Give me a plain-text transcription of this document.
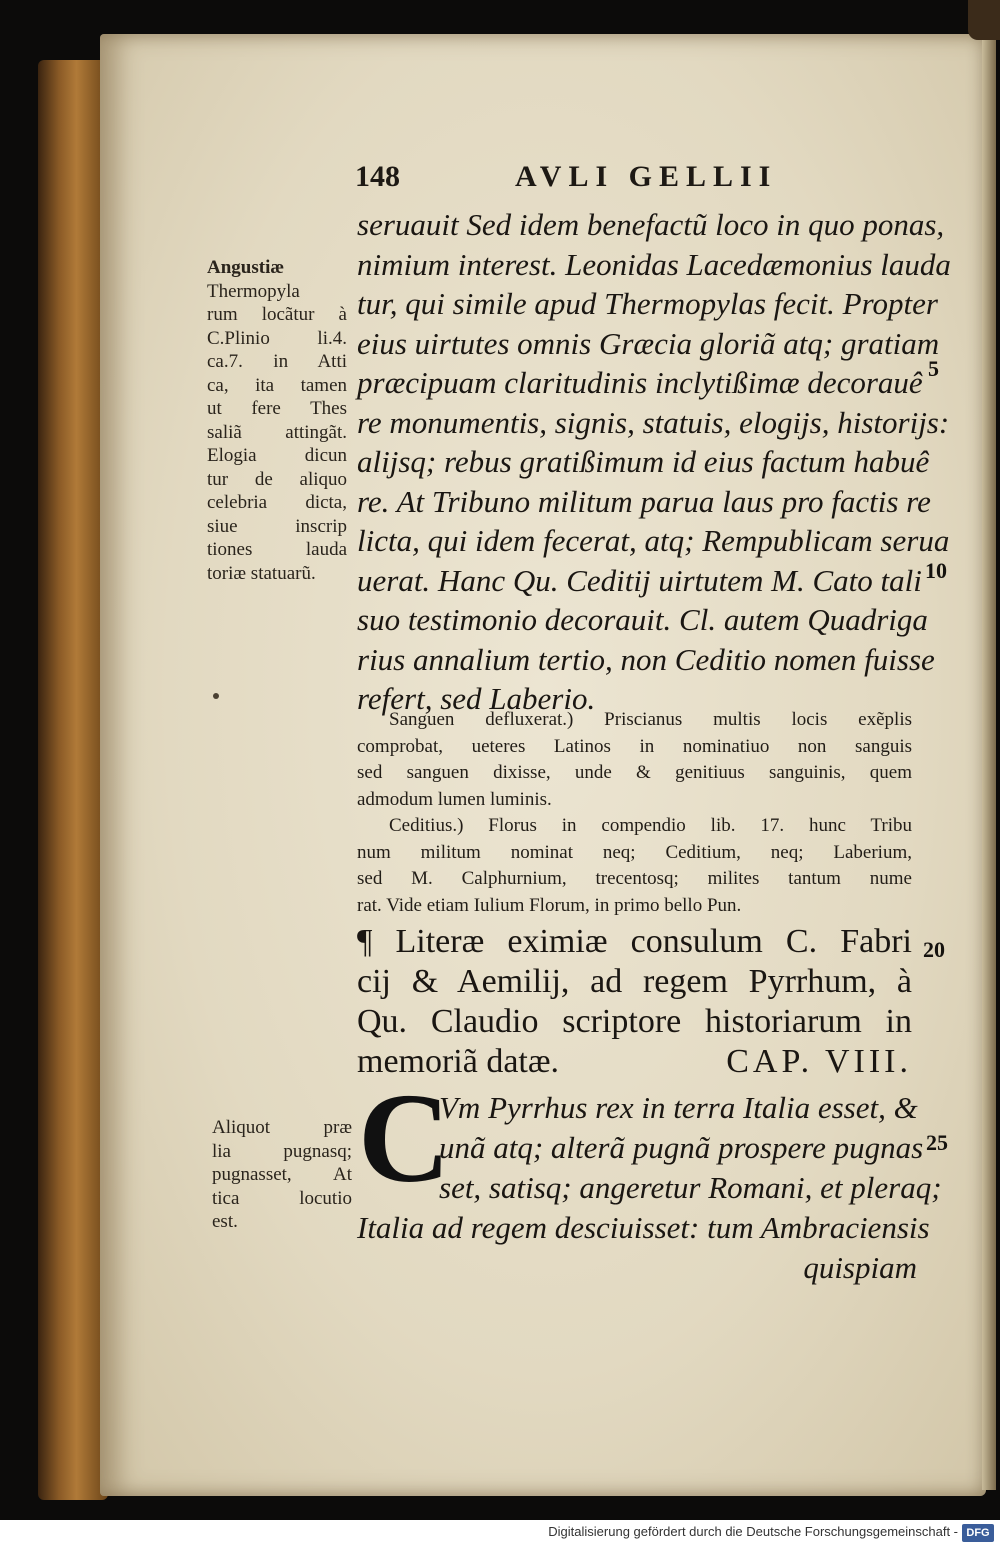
148	AVLI GELLII
seruauit Sed idem benefactũ loco in quo ponas,
nimium interest. Leonidas Lacedæmonius lauda
tur, qui simile apud Thermopylas fecit. Propter
eius uirtutes omnis Græcia gloriã atq; gratiam
præcipuam claritudinis inclytißimæ decorauê
re monumentis, signis, statuis, elogijs, historijs:
alijsq; rebus gratißimum id eius factum habuê
re. At Tribuno militum parua laus pro factis re
licta, qui idem fecerat, atq; Rempublicam serua
uerat. Hanc Qu. Ceditij uirtutem M. Cato tali
suo testimonio decorauit. Cl. autem Quadriga
rius annalium tertio, non Ceditio nomen fuisse
refert, sed Laberio.
Sanguen defluxerat.) Priscianus multis locis exẽplis
comprobat, ueteres Latinos in nominatiuo non sanguis
sed sanguen dixisse, unde & genitiuus sanguinis, quem
admodum lumen luminis.
Ceditius.) Florus in compendio lib. 17. hunc Tribu
num militum nominat neq; Ceditium, neq; Laberium,
sed M. Calphurnium, trecentosq; milites tantum nume
rat. Vide etiam Iulium Florum, in primo bello Pun.
¶ Literæ eximiæ consulum C. Fabri
cij & Aemilij, ad regem Pyrrhum, à
Qu. Claudio scriptore historiarum in
memoriã datæ.	CAP. VIII.
C
Vm Pyrrhus rex in terra Italia esset, &
unã atq; alterã pugnã prospere pugnas
set, satisq; angeretur Romani, et pleraq;
Italia ad regem desciuisset: tum Ambraciensis
quispiam
Angustiæ
Thermopyla
rum locãtur à
C.Plinio li.4.
ca.7. in Atti
ca, ita tamen
ut fere Thes
saliã attingãt.
Elogia dicun
tur de aliquo
celebria dicta,
siue inscrip
tiones lauda
toriæ statuarũ.
Aliquot præ
lia pugnasq;
pugnasset, At
tica locutio
est.
5
10
20
25
Digitalisierung gefördert durch die Deutsche Forschungsgemeinschaft - DFG
